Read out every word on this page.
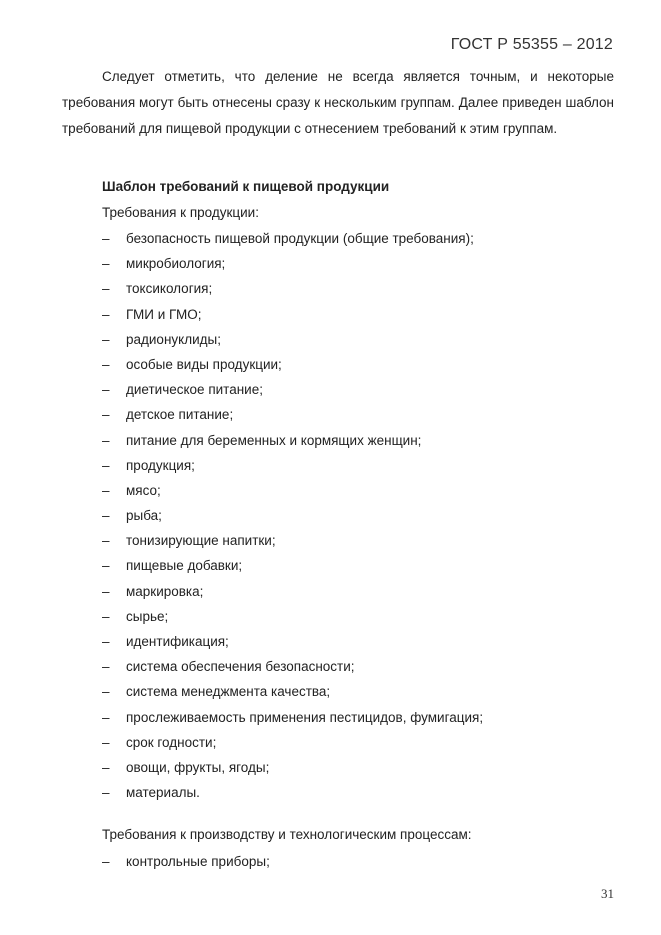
ГОСТ Р 55355 – 2012

Следует отметить, что деление не всегда является точным, и некоторые требования могут быть отнесены сразу к нескольким группам. Далее приведен шаблон требований для пищевой продукции с отнесением требований к этим группам.

Шаблон требований к пищевой продукции

Требования к продукции:

– безопасность пищевой продукции (общие требования);
– микробиология;
– токсикология;
– ГМИ и ГМО;
– радионуклиды;
– особые виды продукции;
– диетическое питание;
– детское питание;
– питание для беременных и кормящих женщин;
– продукция;
– мясо;
– рыба;
– тонизирующие напитки;
– пищевые добавки;
– маркировка;
– сырье;
– идентификация;
– система обеспечения безопасности;
– система менеджмента качества;
– прослеживаемость применения пестицидов, фумигация;
– срок годности;
– овощи, фрукты, ягоды;
– материалы.

Требования к производству и технологическим процессам:

– контрольные приборы;
31
